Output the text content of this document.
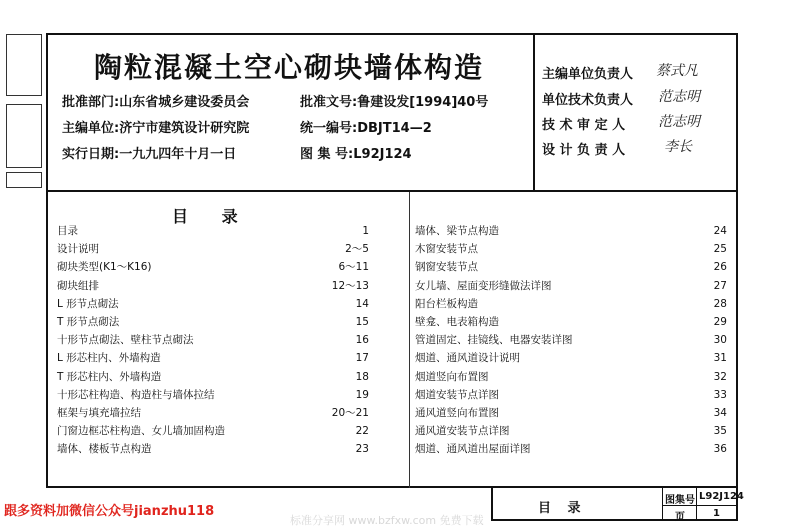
陶粒混凝土空心砌块墙体构造
批准部门:山东省城乡建设委员会	批准文号:鲁建设发[1994]40号
主编单位:济宁市建筑设计研究院	统一编号:DBJT14—2
实行日期:一九九四年十月一日	图 集 号:L92J124
主编单位负责人 蔡式凡
单位技术负责人 范志明
技 术 审 定 人 范志明
设 计 负 责 人	李长
目 录
目录	1
设计说明	2～5
砌块类型(K1～K16)	6～11
砌块组排	12～13
L 形节点砌法	14
T 形节点砌法	15
十形节点砌法、壁柱节点砌法	16
L 形芯柱内、外墙构造	17
T 形芯柱内、外墙构造	18
十形芯柱构造、构造柱与墙体拉结	19
框架与填充墙拉结	20～21
门窗边框芯柱构造、女儿墙加固构造	22
墙体、楼板节点构造	23
墙体、梁节点构造	24
木窗安装节点	25
钢窗安装节点	26
女儿墙、屋面变形缝做法详图	27
阳台栏板构造	28
壁龛、电表箱构造	29
管道固定、挂镜线、电器安装详图	30
烟道、通风道设计说明	31
烟道竖向布置图	32
烟道安装节点详图	33
通风道竖向布置图	34
通风道安装节点详图	35
烟道、通风道出屋面详图	36
目 录
图集号 L92J124
页	1
跟多资料加微信公众号jianzhu118
标准分享网 www.bzfxw.com 免费下载
